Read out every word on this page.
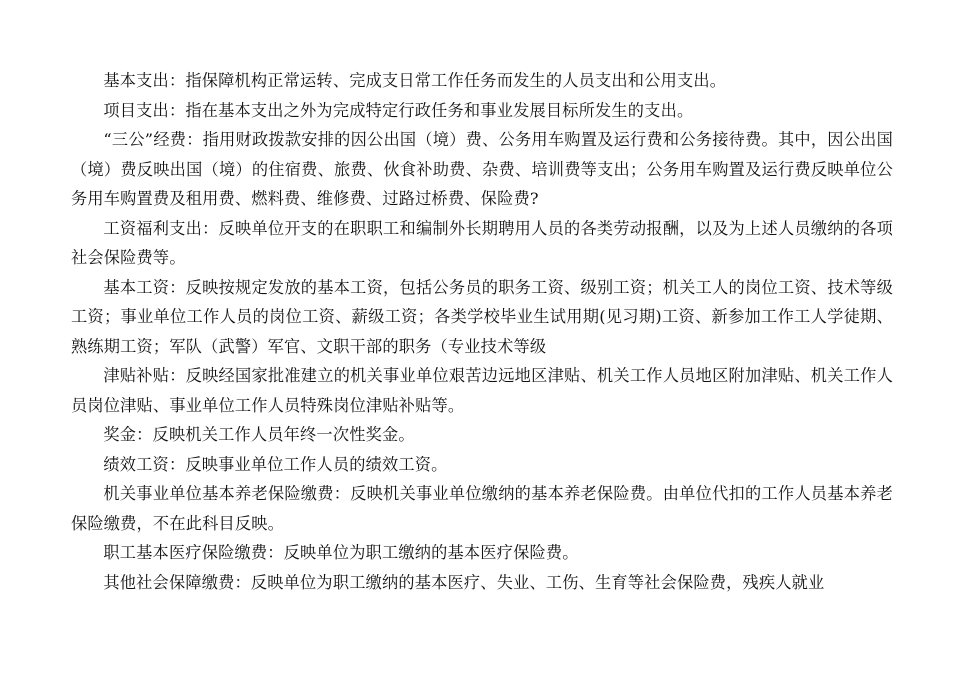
基本支出：指保障机构正常运转、完成支日常工作任务而发生的人员支出和公用支出。

项目支出：指在基本支出之外为完成特定行政任务和事业发展目标所发生的支出。

“三公”经费：指用财政拨款安排的因公出国（境）费、公务用车购置及运行费和公务接待费。其中，因公出国（境）费反映出国（境）的住宿费、旅费、伙食补助费、杂费、培训费等支出；公务用车购置及运行费反映单位公务用车购置费及租用费、燃料费、维修费、过路过桥费、保险费?

工资福利支出：反映单位开支的在职职工和编制外长期聘用人员的各类劳动报酬，以及为上述人员缴纳的各项社会保险费等。

基本工资：反映按规定发放的基本工资，包括公务员的职务工资、级别工资；机关工人的岗位工资、技术等级工资；事业单位工作人员的岗位工资、薪级工资；各类学校毕业生试用期(见习期)工资、新参加工作工人学徒期、熟练期工资；军队（武警）军官、文职干部的职务（专业技术等级

津贴补贴：反映经国家批准建立的机关事业单位艰苦边远地区津贴、机关工作人员地区附加津贴、机关工作人员岗位津贴、事业单位工作人员特殊岗位津贴补贴等。

奖金：反映机关工作人员年终一次性奖金。

绩效工资：反映事业单位工作人员的绩效工资。

机关事业单位基本养老保险缴费：反映机关事业单位缴纳的基本养老保险费。由单位代扣的工作人员基本养老保险缴费，不在此科目反映。

职工基本医疗保险缴费：反映单位为职工缴纳的基本医疗保险费。

其他社会保障缴费：反映单位为职工缴纳的基本医疗、失业、工伤、生育等社会保险费，残疾人就业
